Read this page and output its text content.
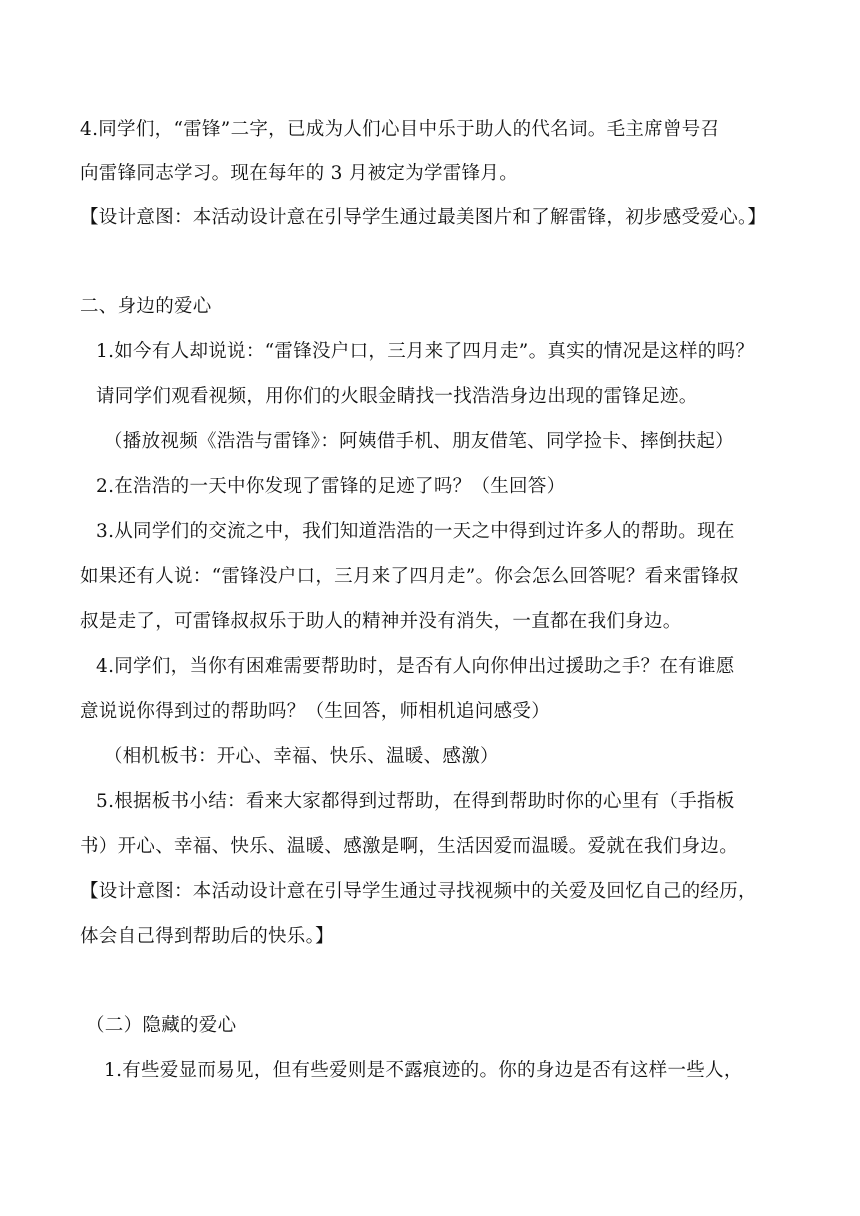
4.同学们，“雷锋”二字，已成为人们心目中乐于助人的代名词。毛主席曾号召
向雷锋同志学习。现在每年的 3 月被定为学雷锋月。
【设计意图：本活动设计意在引导学生通过最美图片和了解雷锋，初步感受爱心。】
二、身边的爱心
1.如今有人却说说：“雷锋没户口，三月来了四月走”。真实的情况是这样的吗？
请同学们观看视频，用你们的火眼金睛找一找浩浩身边出现的雷锋足迹。
（播放视频《浩浩与雷锋》：阿姨借手机、朋友借笔、同学捡卡、摔倒扶起）
2.在浩浩的一天中你发现了雷锋的足迹了吗？（生回答）
3.从同学们的交流之中，我们知道浩浩的一天之中得到过许多人的帮助。现在
如果还有人说：“雷锋没户口，三月来了四月走”。你会怎么回答呢？看来雷锋叔
叔是走了，可雷锋叔叔乐于助人的精神并没有消失，一直都在我们身边。
4.同学们，当你有困难需要帮助时，是否有人向你伸出过援助之手？在有谁愿
意说说你得到过的帮助吗？（生回答，师相机追问感受）
（相机板书：开心、幸福、快乐、温暖、感激）
5.根据板书小结：看来大家都得到过帮助，在得到帮助时你的心里有（手指板
书）开心、幸福、快乐、温暖、感激是啊，生活因爱而温暖。爱就在我们身边。
【设计意图：本活动设计意在引导学生通过寻找视频中的关爱及回忆自己的经历，
体会自己得到帮助后的快乐。】
（二）隐藏的爱心
1.有些爱显而易见，但有些爱则是不露痕迹的。你的身边是否有这样一些人，
